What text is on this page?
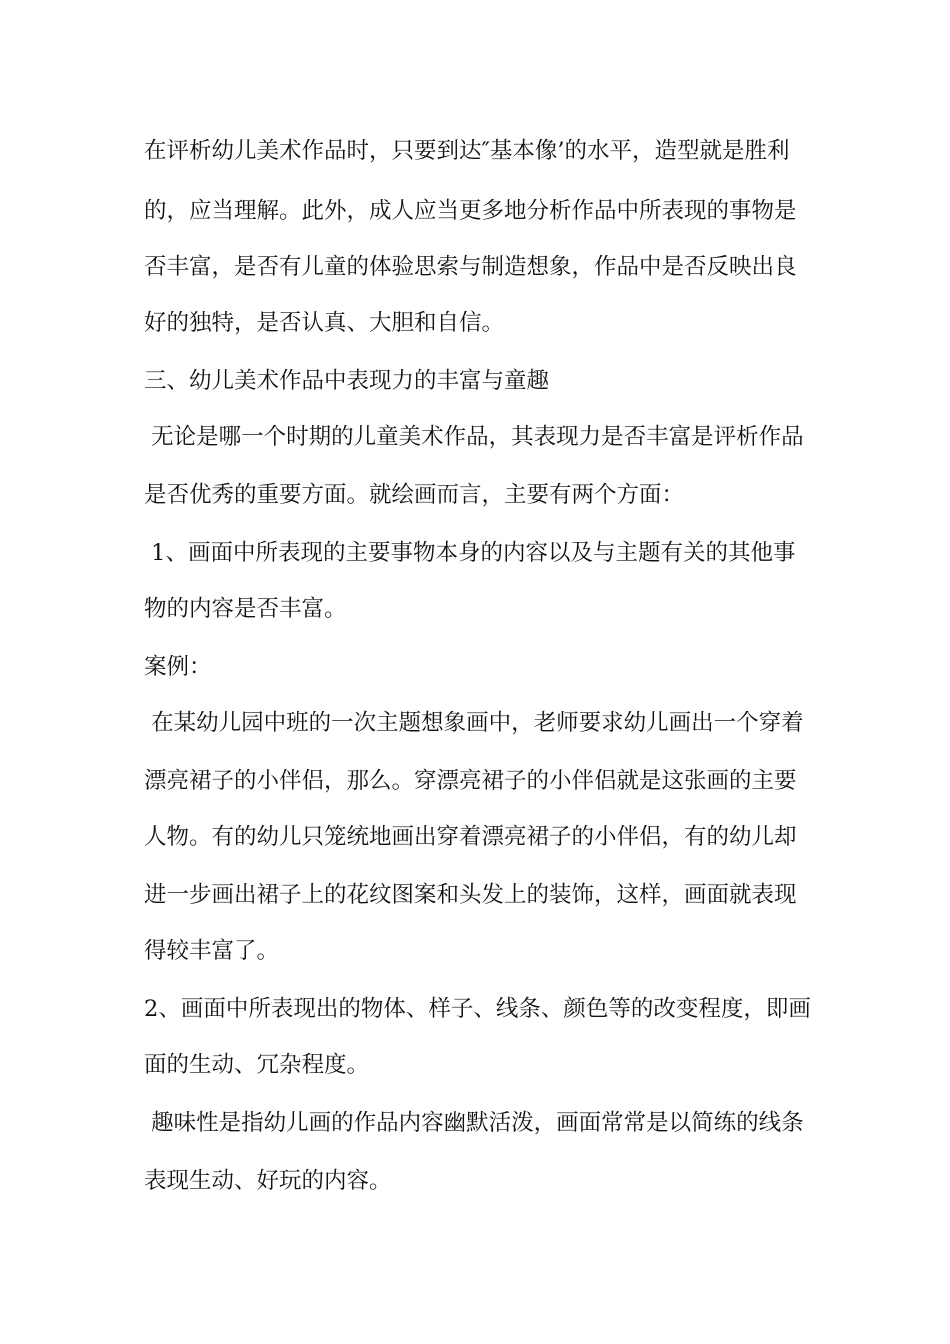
在评析幼儿美术作品时，只要到达″基本像’的水平，造型就是胜利
的，应当理解。此外，成人应当更多地分析作品中所表现的事物是
否丰富，是否有儿童的体验思索与制造想象，作品中是否反映出良
好的独特，是否认真、大胆和自信。
三、幼儿美术作品中表现力的丰富与童趣
无论是哪一个时期的儿童美术作品，其表现力是否丰富是评析作品
是否优秀的重要方面。就绘画而言，主要有两个方面：
1、画面中所表现的主要事物本身的内容以及与主题有关的其他事
物的内容是否丰富。
案例：
在某幼儿园中班的一次主题想象画中，老师要求幼儿画出一个穿着
漂亮裙子的小伴侣，那么。穿漂亮裙子的小伴侣就是这张画的主要
人物。有的幼儿只笼统地画出穿着漂亮裙子的小伴侣，有的幼儿却
进一步画出裙子上的花纹图案和头发上的装饰，这样，画面就表现
得较丰富了。
2、画面中所表现出的物体、样子、线条、颜色等的改变程度，即画
面的生动、冗杂程度。
趣味性是指幼儿画的作品内容幽默活泼，画面常常是以简练的线条
表现生动、好玩的内容。
